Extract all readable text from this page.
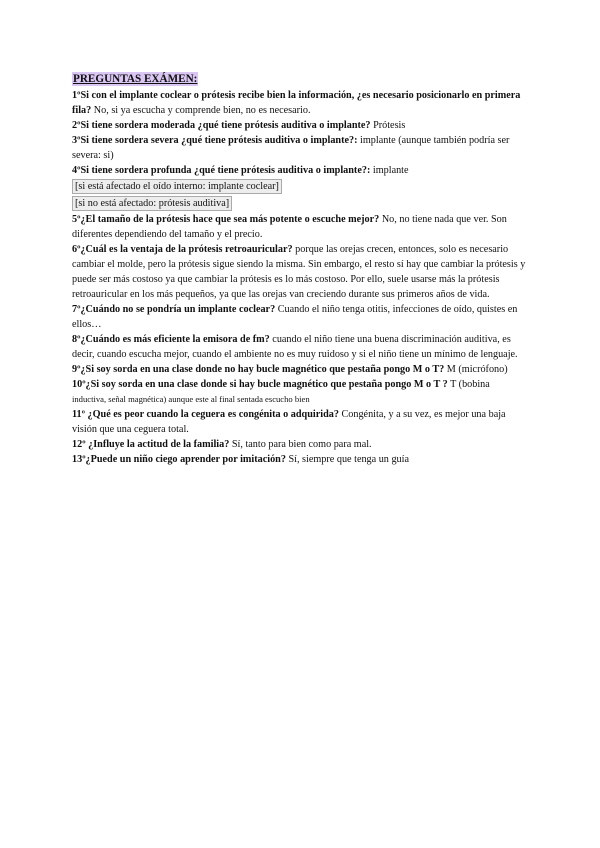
PREGUNTAS EXÁMEN:

1ºSi con el implante coclear o prótesis recibe bien la información, ¿es necesario posicionarlo en primera fila? No, si ya escucha y comprende bien, no es necesario.

2ºSi tiene sordera moderada ¿qué tiene prótesis auditiva o implante? Prótesis

3ºSi tiene sordera severa ¿qué tiene prótesis auditiva o implante?: implante (aunque también podría ser severa: si)

4ºSi tiene sordera profunda ¿qué tiene prótesis auditiva o implante?: implante

[si está afectado el oído interno: implante coclear]
[si no está afectado: prótesis auditiva]

5º¿El tamaño de la prótesis hace que sea más potente o escuche mejor? No, no tiene nada que ver. Son diferentes dependiendo del tamaño y el precio.

6º¿Cuál es la ventaja de la prótesis retroauricular? porque las orejas crecen, entonces, solo es necesario cambiar el molde, pero la prótesis sigue siendo la misma. Sin embargo, el resto sí hay que cambiar la prótesis y puede ser más costoso ya que cambiar la prótesis es lo más costoso. Por ello, suele usarse más la prótesis retroauricular en los más pequeños, ya que las orejas van creciendo durante sus primeros años de vida.

7º¿Cuándo no se pondría un implante coclear? Cuando el niño tenga otitis, infecciones de oído, quistes en ellos…

8º¿Cuándo es más eficiente la emisora de fm? cuando el niño tiene una buena discriminación auditiva, es decir, cuando escucha mejor, cuando el ambiente no es muy ruidoso y si el niño tiene un mínimo de lenguaje.

9º¿Si soy sorda en una clase donde no hay bucle magnético que pestaña pongo M o T? M (micrófono)

10º¿Si soy sorda en una clase donde si hay bucle magnético que pestaña pongo M o T ? T (bobina
inductiva, señal magnética) aunque este al final sentada escucho bien

11º ¿Qué es peor cuando la ceguera es congénita o adquirida? Congénita, y a su vez, es mejor una baja visión que una ceguera total.

12º ¿Influye la actitud de la familia? Sí, tanto para bien como para mal.

13º¿Puede un niño ciego aprender por imitación? Sí, siempre que tenga un guía
